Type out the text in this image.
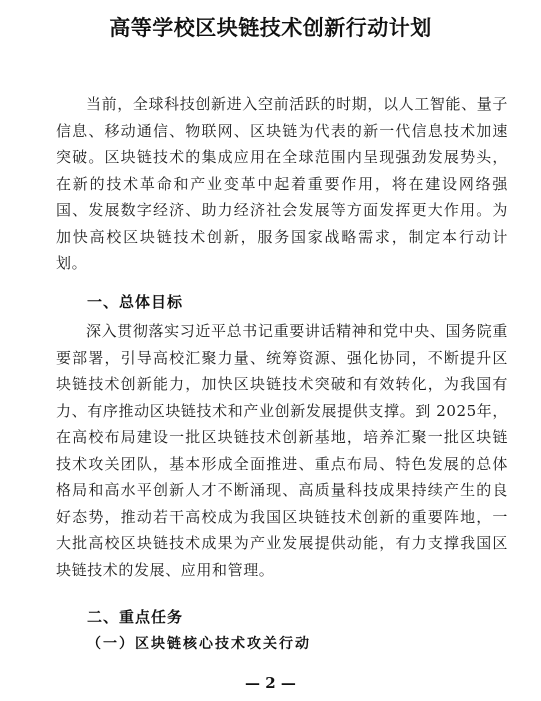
高等学校区块链技术创新行动计划

当前，全球科技创新进入空前活跃的时期，以人工智能、量子信息、移动通信、物联网、区块链为代表的新一代信息技术加速突破。区块链技术的集成应用在全球范围内呈现强劲发展势头，在新的技术革命和产业变革中起着重要作用，将在建设网络强国、发展数字经济、助力经济社会发展等方面发挥更大作用。为加快高校区块链技术创新，服务国家战略需求，制定本行动计划。

一、总体目标

深入贯彻落实习近平总书记重要讲话精神和党中央、国务院重要部署，引导高校汇聚力量、统筹资源、强化协同，不断提升区块链技术创新能力，加快区块链技术突破和有效转化，为我国有力、有序推动区块链技术和产业创新发展提供支撑。到 2025年，在高校布局建设一批区块链技术创新基地，培养汇聚一批区块链技术攻关团队，基本形成全面推进、重点布局、特色发展的总体格局和高水平创新人才不断涌现、高质量科技成果持续产生的良好态势，推动若干高校成为我国区块链技术创新的重要阵地，一大批高校区块链技术成果为产业发展提供动能，有力支撑我国区块链技术的发展、应用和管理。

二、重点任务
（一）区块链核心技术攻关行动
— 2 —
